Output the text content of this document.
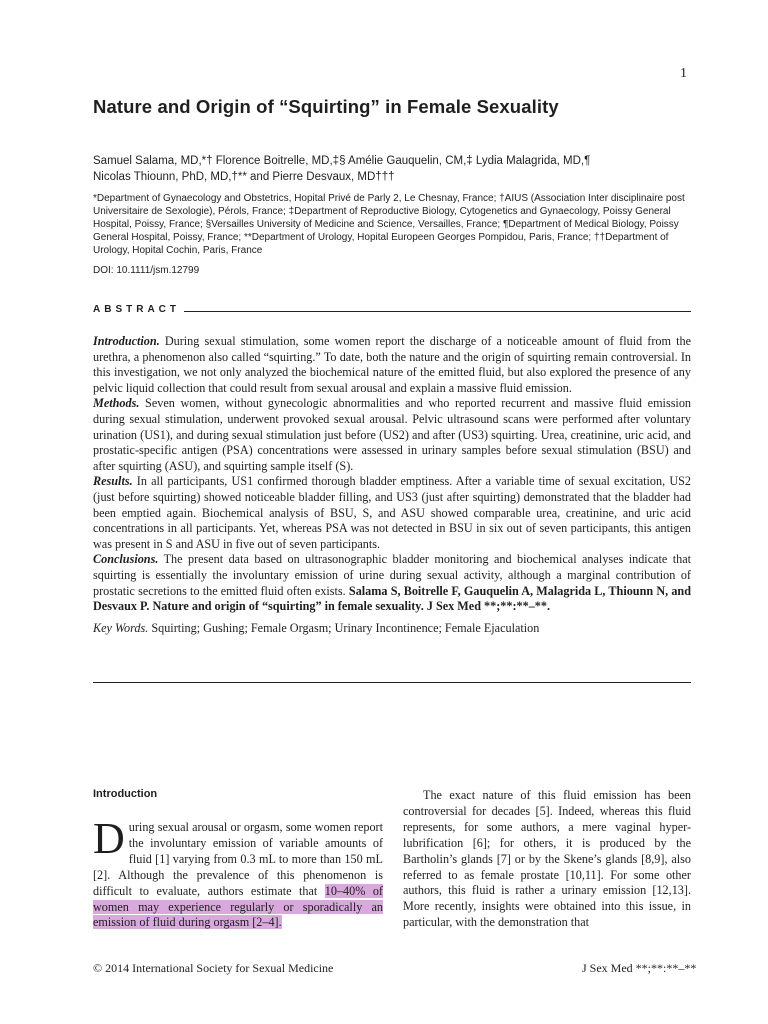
1
Nature and Origin of “Squirting” in Female Sexuality
Samuel Salama, MD,*† Florence Boitrelle, MD,‡§ Amélie Gauquelin, CM,‡ Lydia Malagrida, MD,¶
Nicolas Thiounn, PhD, MD,†** and Pierre Desvaux, MD†††
*Department of Gynaecology and Obstetrics, Hopital Privé de Parly 2, Le Chesnay, France; †AIUS (Association Inter disciplinaire post Universitaire de Sexologie), Pérols, France; ‡Department of Reproductive Biology, Cytogenetics and Gynaecology, Poissy General Hospital, Poissy, France; §Versailles University of Medicine and Science, Versailles, France; ¶Department of Medical Biology, Poissy General Hospital, Poissy, France; **Department of Urology, Hopital Europeen Georges Pompidou, Paris, France; ††Department of Urology, Hopital Cochin, Paris, France
DOI: 10.1111/jsm.12799
ABSTRACT

Introduction. During sexual stimulation, some women report the discharge of a noticeable amount of fluid from the urethra, a phenomenon also called “squirting.” To date, both the nature and the origin of squirting remain controversial. In this investigation, we not only analyzed the biochemical nature of the emitted fluid, but also explored the presence of any pelvic liquid collection that could result from sexual arousal and explain a massive fluid emission.

Methods. Seven women, without gynecologic abnormalities and who reported recurrent and massive fluid emission during sexual stimulation, underwent provoked sexual arousal. Pelvic ultrasound scans were performed after voluntary urination (US1), and during sexual stimulation just before (US2) and after (US3) squirting. Urea, creatinine, uric acid, and prostatic-specific antigen (PSA) concentrations were assessed in urinary samples before sexual stimulation (BSU) and after squirting (ASU), and squirting sample itself (S).

Results. In all participants, US1 confirmed thorough bladder emptiness. After a variable time of sexual excitation, US2 (just before squirting) showed noticeable bladder filling, and US3 (just after squirting) demonstrated that the bladder had been emptied again. Biochemical analysis of BSU, S, and ASU showed comparable urea, creatinine, and uric acid concentrations in all participants. Yet, whereas PSA was not detected in BSU in six out of seven participants, this antigen was present in S and ASU in five out of seven participants.

Conclusions. The present data based on ultrasonographic bladder monitoring and biochemical analyses indicate that squirting is essentially the involuntary emission of urine during sexual activity, although a marginal contribution of prostatic secretions to the emitted fluid often exists. Salama S, Boitrelle F, Gauquelin A, Malagrida L, Thiounn N, and Desvaux P. Nature and origin of “squirting” in female sexuality. J Sex Med **;**:**–**.

Key Words. Squirting; Gushing; Female Orgasm; Urinary Incontinence; Female Ejaculation

Introduction

During sexual arousal or orgasm, some women report the involuntary emission of variable amounts of fluid [1] varying from 0.3 mL to more than 150 mL [2]. Although the prevalence of this phenomenon is difficult to evaluate, authors estimate that 10–40% of women may experience regularly or sporadically an emission of fluid during orgasm [2–4].

The exact nature of this fluid emission has been controversial for decades [5]. Indeed, whereas this fluid represents, for some authors, a mere vaginal hyper-lubrification [6]; for others, it is produced by the Bartholin’s glands [7] or by the Skene’s glands [8,9], also referred to as female prostate [10,11]. For some other authors, this fluid is rather a urinary emission [12,13]. More recently, insights were obtained into this issue, in particular, with the demonstration that

© 2014 International Society for Sexual Medicine	J Sex Med **;**:**–**
